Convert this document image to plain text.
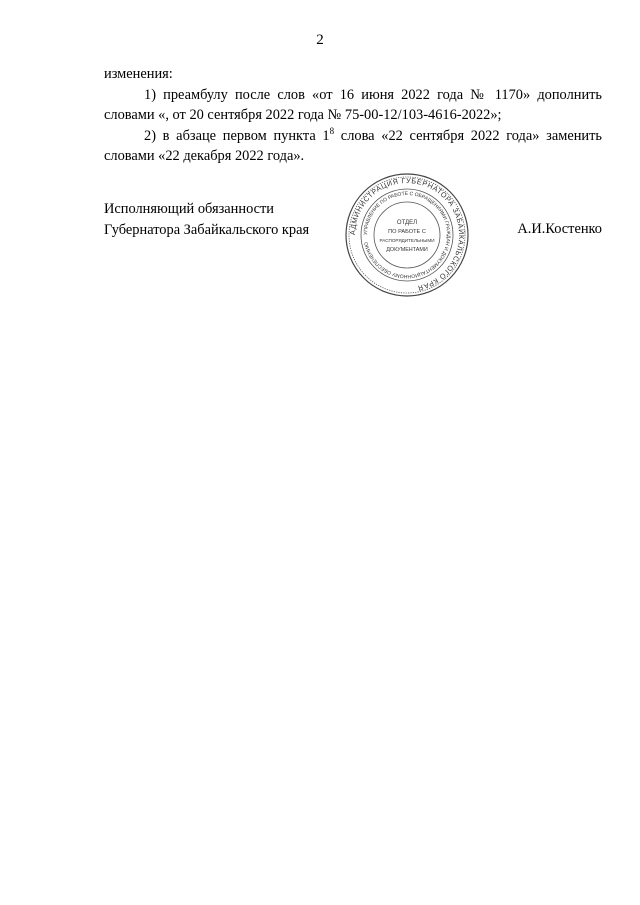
2

изменения:

1) преамбулу после слов «от 16 июня 2022 года № 1170» дополнить словами «, от 20 сентября 2022 года № 75-00-12/103-4616-2022»;

2) в абзаце первом пункта $1^8$ слова «22 сентября 2022 года» заменить словами «22 декабря 2022 года».

Исполняющий обязанности
Губернатора Забайкальского края	А.И.Костенко
АДМИНИСТРАЦИЯ ГУБЕРНАТОРА ЗАБАЙКАЛЬСКОГО КРАЯ
УПРАВЛЕНИЕ ПО РАБОТЕ С ОБРАЩЕНИЯМИ ГРАЖДАН И ДОКУМЕНТАЦИОННОМУ ОБЕСПЕЧЕНИЮ
ОТДЕЛ
ПО РАБОТЕ С
РАСПОРЯДИТЕЛЬНЫМИ
ДОКУМЕНТАМИ
